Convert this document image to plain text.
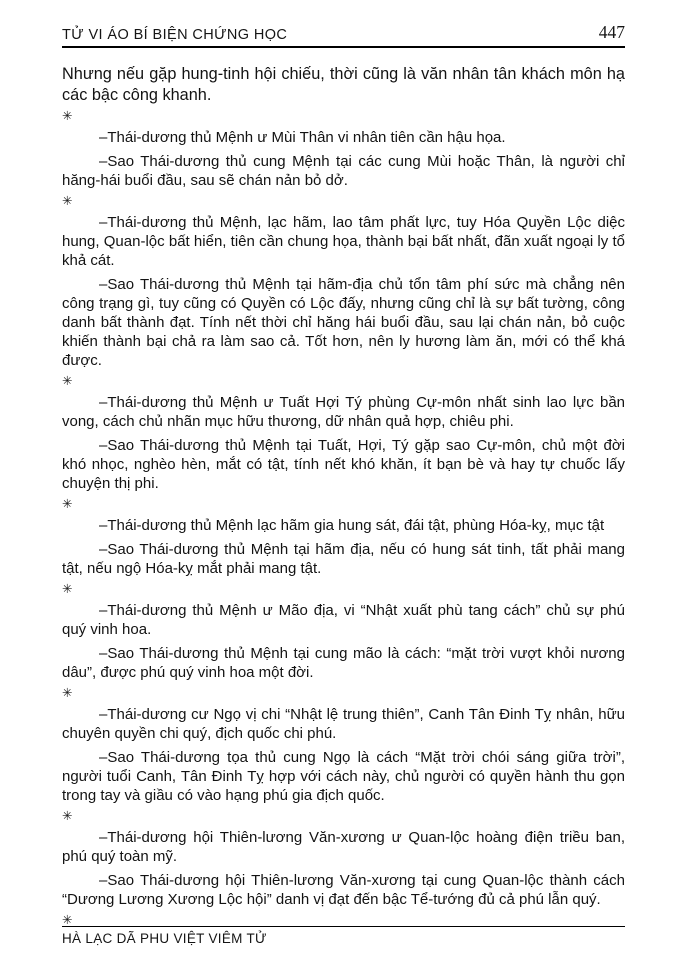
TỬ VI ÁO BÍ BIỆN CHỨNG HỌC	447

Nhưng nếu gặp hung-tinh hội chiếu, thời cũng là văn nhân tân khách môn hạ các bậc công khanh.

✳

–Thái-dương thủ Mệnh ư Mùi Thân vi nhân tiên cần hậu họa.

–Sao Thái-dương thủ cung Mệnh tại các cung Mùi hoặc Thân, là người chỉ hăng-hái buổi đầu, sau sẽ chán nản bỏ dở.

✳

–Thái-dương thủ Mệnh, lạc hãm, lao tâm phất lực, tuy Hóa Quyền Lộc diệc hung, Quan-lộc bất hiển, tiên cần chung họa, thành bại bất nhất, đãn xuất ngoại ly tổ khả cát.

–Sao Thái-dương thủ Mệnh tại hãm-địa chủ tổn tâm phí sức mà chẳng nên công trạng gì, tuy cũng có Quyền có Lộc đấy, nhưng cũng chỉ là sự bất tường, công danh bất thành đạt. Tính nết thời chỉ hăng hái buổi đầu, sau lại chán nản, bỏ cuộc khiến thành bại chả ra làm sao cả. Tốt hơn, nên ly hương làm ăn, mới có thể khá được.

✳

–Thái-dương thủ Mệnh ư Tuất Hợi Tý phùng Cự-môn nhất sinh lao lực bần vong, cách chủ nhãn mục hữu thương, dữ nhân quả hợp, chiêu phi.

–Sao Thái-dương thủ Mệnh tại Tuất, Hợi, Tý gặp sao Cự-môn, chủ một đời khó nhọc, nghèo hèn, mắt có tật, tính nết khó khăn, ít bạn bè và hay tự chuốc lấy chuyện thị phi.

✳

–Thái-dương thủ Mệnh lạc hãm gia hung sát, đái tật, phùng Hóa-kỵ, mục tật

–Sao Thái-dương thủ Mệnh tại hãm địa, nếu có hung sát tinh, tất phải mang tật, nếu ngộ Hóa-kỵ mắt phải mang tật.

✳

–Thái-dương thủ Mệnh ư Mão địa, vi “Nhật xuất phù tang cách” chủ sự phú quý vinh hoa.

–Sao Thái-dương thủ Mệnh tại cung mão là cách: “mặt trời vượt khỏi nương dâu”, được phú quý vinh hoa một đời.

✳

–Thái-dương cư Ngọ vị chi “Nhật lệ trung thiên”, Canh Tân Đinh Tỵ nhân, hữu chuyên quyền chi quý, địch quốc chi phú.

–Sao Thái-dương tọa thủ cung Ngọ là cách “Mặt trời chói sáng giữa trời”, người tuổi Canh, Tân Đinh Tỵ hợp với cách này, chủ người có quyền hành thu gọn trong tay và giầu có vào hạng phú gia địch quốc.

✳

–Thái-dương hội Thiên-lương Văn-xương ư Quan-lộc hoàng điện triều ban, phú quý toàn mỹ.

–Sao Thái-dương hội Thiên-lương Văn-xương tại cung Quan-lộc thành cách “Dương Lương Xương Lộc hội” danh vị đạt đến bậc Tể-tướng đủ cả phú lẫn quý.

✳
HÀ LẠC DÃ PHU VIỆT VIÊM TỬ
